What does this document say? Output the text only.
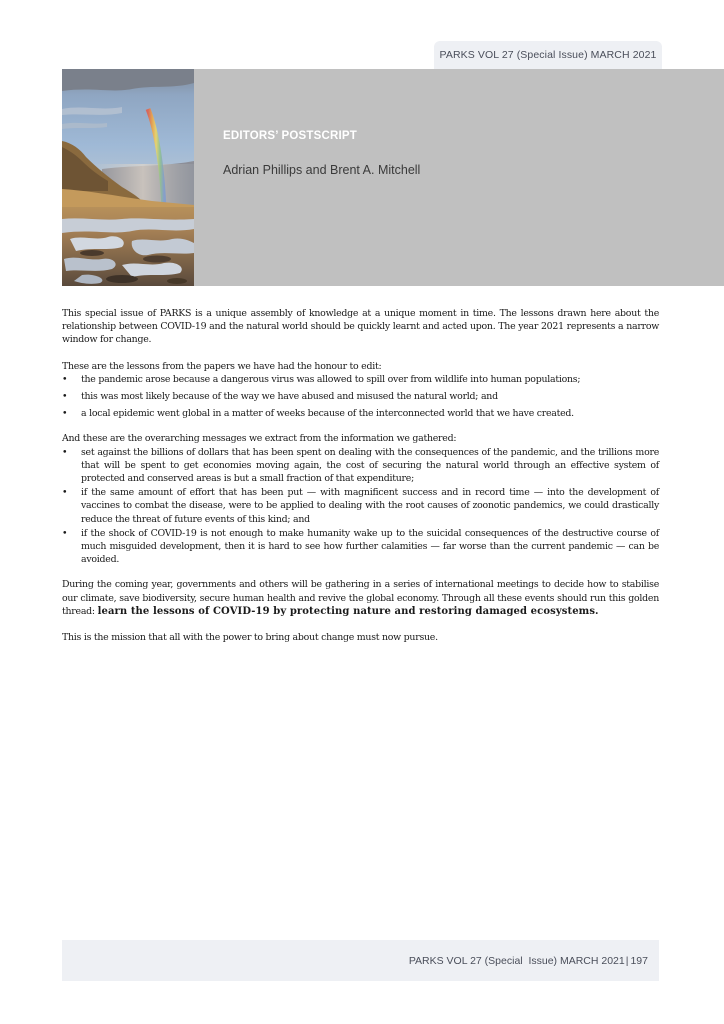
PARKS VOL 27 (Special Issue) MARCH 2021
EDITORS’ POSTSCRIPT
Adrian Phillips and Brent A. Mitchell

This special issue of PARKS is a unique assembly of knowledge at a unique moment in time. The lessons drawn here about the relationship between COVID-19 and the natural world should be quickly learnt and acted upon. The year 2021 represents a narrow window for change.

These are the lessons from the papers we have had the honour to edit:

• the pandemic arose because a dangerous virus was allowed to spill over from wildlife into human populations;
• this was most likely because of the way we have abused and misused the natural world; and
• a local epidemic went global in a matter of weeks because of the interconnected world that we have created.

And these are the overarching messages we extract from the information we gathered:

• set against the billions of dollars that has been spent on dealing with the consequences of the pandemic, and the trillions more that will be spent to get economies moving again, the cost of securing the natural world through an effective system of protected and conserved areas is but a small fraction of that expenditure;
• if the same amount of effort that has been put — with magnificent success and in record time — into the development of vaccines to combat the disease, were to be applied to dealing with the root causes of zoonotic pandemics, we could drastically reduce the threat of future events of this kind; and
• if the shock of COVID-19 is not enough to make humanity wake up to the suicidal consequences of the destructive course of much misguided development, then it is hard to see how further calamities — far worse than the current pandemic — can be avoided.

During the coming year, governments and others will be gathering in a series of international meetings to decide how to stabilise our climate, save biodiversity, secure human health and revive the global economy. Through all these events should run this golden thread: learn the lessons of COVID-19 by protecting nature and restoring damaged ecosystems.

This is the mission that all with the power to bring about change must now pursue.

PARKS VOL 27 (Special  Issue) MARCH 2021 | 197
